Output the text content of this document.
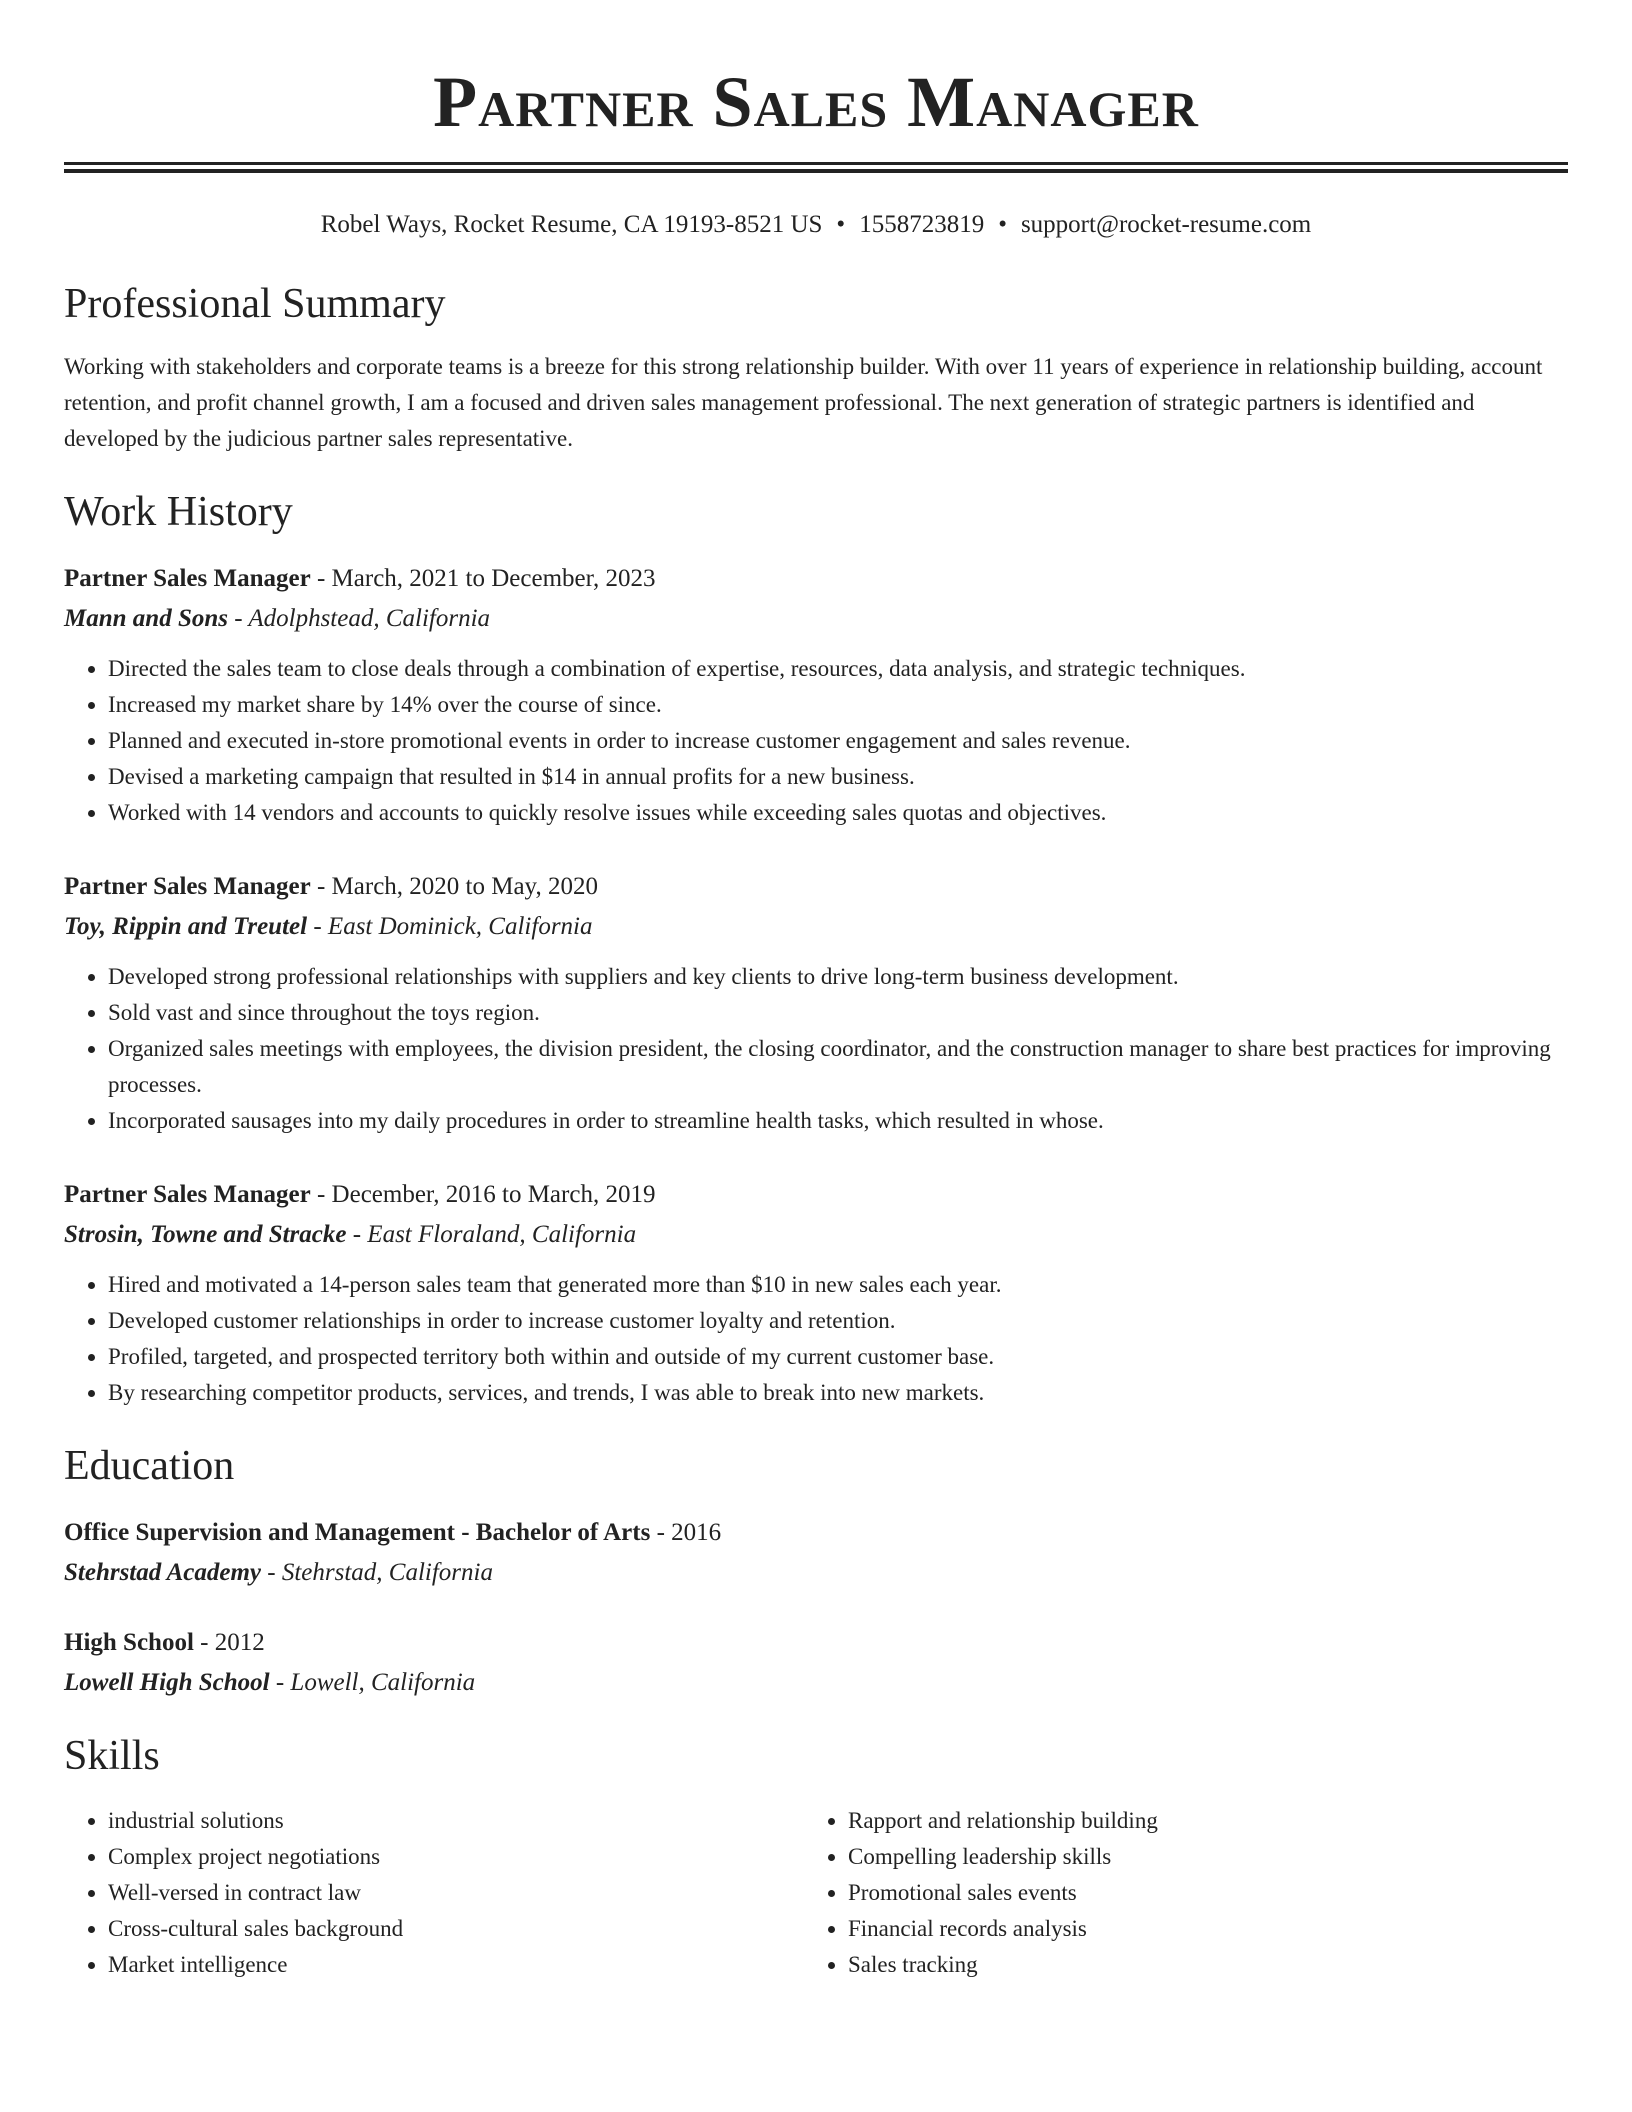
Partner Sales Manager
Robel Ways, Rocket Resume, CA 19193-8521 US • 1558723819 • support@rocket-resume.com
Professional Summary

Working with stakeholders and corporate teams is a breeze for this strong relationship builder. With over 11 years of experience in relationship building, account retention, and profit channel growth, I am a focused and driven sales management professional. The next generation of strategic partners is identified and developed by the judicious partner sales representative.

Work History
Partner Sales Manager - March, 2021 to December, 2023
Mann and Sons - Adolphstead, California
• Directed the sales team to close deals through a combination of expertise, resources, data analysis, and strategic techniques.
• Increased my market share by 14% over the course of since.
• Planned and executed in-store promotional events in order to increase customer engagement and sales revenue.
• Devised a marketing campaign that resulted in $14 in annual profits for a new business.
• Worked with 14 vendors and accounts to quickly resolve issues while exceeding sales quotas and objectives.
Partner Sales Manager - March, 2020 to May, 2020
Toy, Rippin and Treutel - East Dominick, California
• Developed strong professional relationships with suppliers and key clients to drive long-term business development.
• Sold vast and since throughout the toys region.
• Organized sales meetings with employees, the division president, the closing coordinator, and the construction manager to share best practices for improving processes.
• Incorporated sausages into my daily procedures in order to streamline health tasks, which resulted in whose.
Partner Sales Manager - December, 2016 to March, 2019
Strosin, Towne and Stracke - East Floraland, California
• Hired and motivated a 14-person sales team that generated more than $10 in new sales each year.
• Developed customer relationships in order to increase customer loyalty and retention.
• Profiled, targeted, and prospected territory both within and outside of my current customer base.
• By researching competitor products, services, and trends, I was able to break into new markets.
Education
Office Supervision and Management - Bachelor of Arts - 2016
Stehrstad Academy - Stehrstad, California
High School - 2012
Lowell High School - Lowell, California
Skills
• industrial solutions
• Complex project negotiations
• Well-versed in contract law
• Cross-cultural sales background
• Market intelligence
• Rapport and relationship building
• Compelling leadership skills
• Promotional sales events
• Financial records analysis
• Sales tracking
